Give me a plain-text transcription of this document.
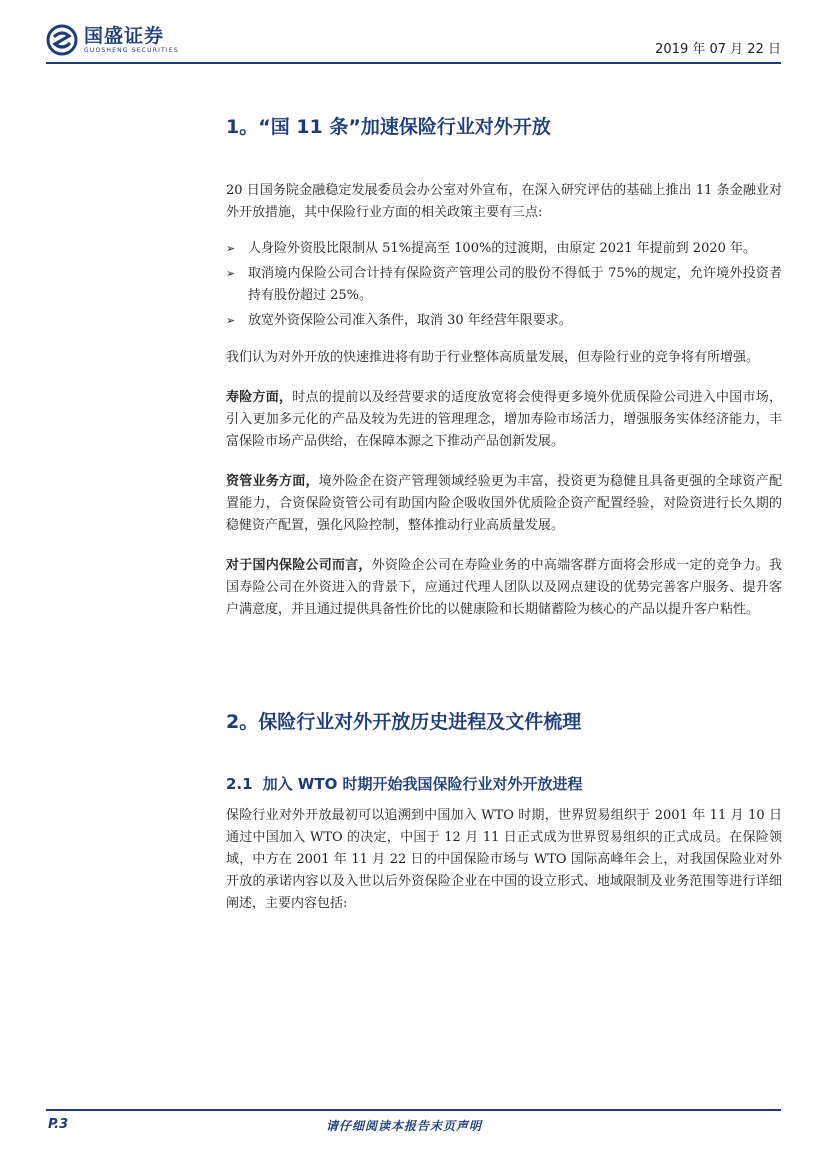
国盛证券
GUOSHENG SECURITIES	2019 年 07 月 22 日
1。“国 11 条”加速保险行业对外开放

20 日国务院金融稳定发展委员会办公室对外宣布，在深入研究评估的基础上推出 11 条金融业对外开放措施，其中保险行业方面的相关政策主要有三点:

➢ 人身险外资股比限制从 51%提高至 100%的过渡期，由原定 2021 年提前到 2020 年。
➢ 取消境内保险公司合计持有保险资产管理公司的股份不得低于 75%的规定，允许境外投资者持有股份超过 25%。
➢ 放宽外资保险公司准入条件，取消 30 年经营年限要求。

我们认为对外开放的快速推进将有助于行业整体高质量发展，但寿险行业的竞争将有所增强。

寿险方面，时点的提前以及经营要求的适度放宽将会使得更多境外优质保险公司进入中国市场，引入更加多元化的产品及较为先进的管理理念，增加寿险市场活力，增强服务实体经济能力，丰富保险市场产品供给，在保障本源之下推动产品创新发展。

资管业务方面，境外险企在资产管理领域经验更为丰富，投资更为稳健且具备更强的全球资产配置能力，合资保险资管公司有助国内险企吸收国外优质险企资产配置经验，对险资进行长久期的稳健资产配置，强化风险控制，整体推动行业高质量发展。

对于国内保险公司而言，外资险企公司在寿险业务的中高端客群方面将会形成一定的竞争力。我国寿险公司在外资进入的背景下，应通过代理人团队以及网点建设的优势完善客户服务、提升客户满意度，并且通过提供具备性价比的以健康险和长期储蓄险为核心的产品以提升客户粘性。

2。保险行业对外开放历史进程及文件梳理
2.1 加入 WTO 时期开始我国保险行业对外开放进程

保险行业对外开放最初可以追溯到中国加入 WTO 时期，世界贸易组织于 2001 年 11 月 10 日通过中国加入 WTO 的决定，中国于 12 月 11 日正式成为世界贸易组织的正式成员。在保险领域，中方在 2001 年 11 月 22 日的中国保险市场与 WTO 国际高峰年会上，对我国保险业对外开放的承诺内容以及入世以后外资保险企业在中国的设立形式、地域限制及业务范围等进行详细阐述，主要内容包括:

P.3	请仔细阅读本报告末页声明
